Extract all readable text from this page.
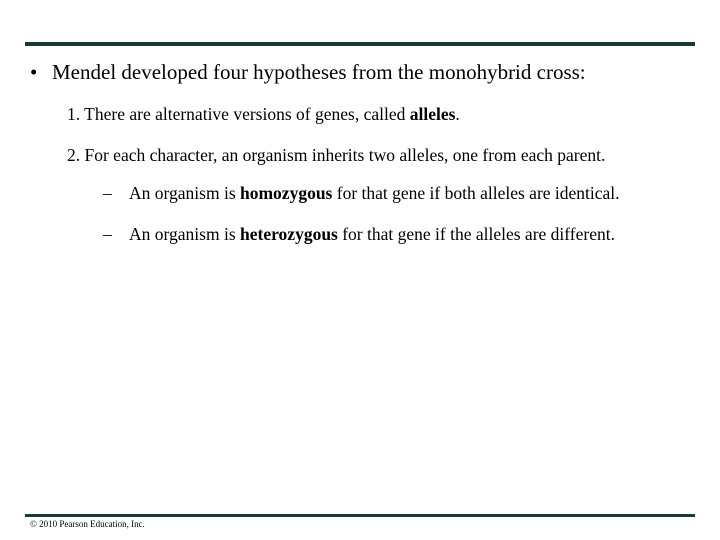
• Mendel developed four hypotheses from the monohybrid cross:
1. There are alternative versions of genes, called alleles.
2. For each character, an organism inherits two alleles, one from each parent.
– An organism is homozygous for that gene if both alleles are identical.
– An organism is heterozygous for that gene if the alleles are different.
© 2010 Pearson Education, Inc.
